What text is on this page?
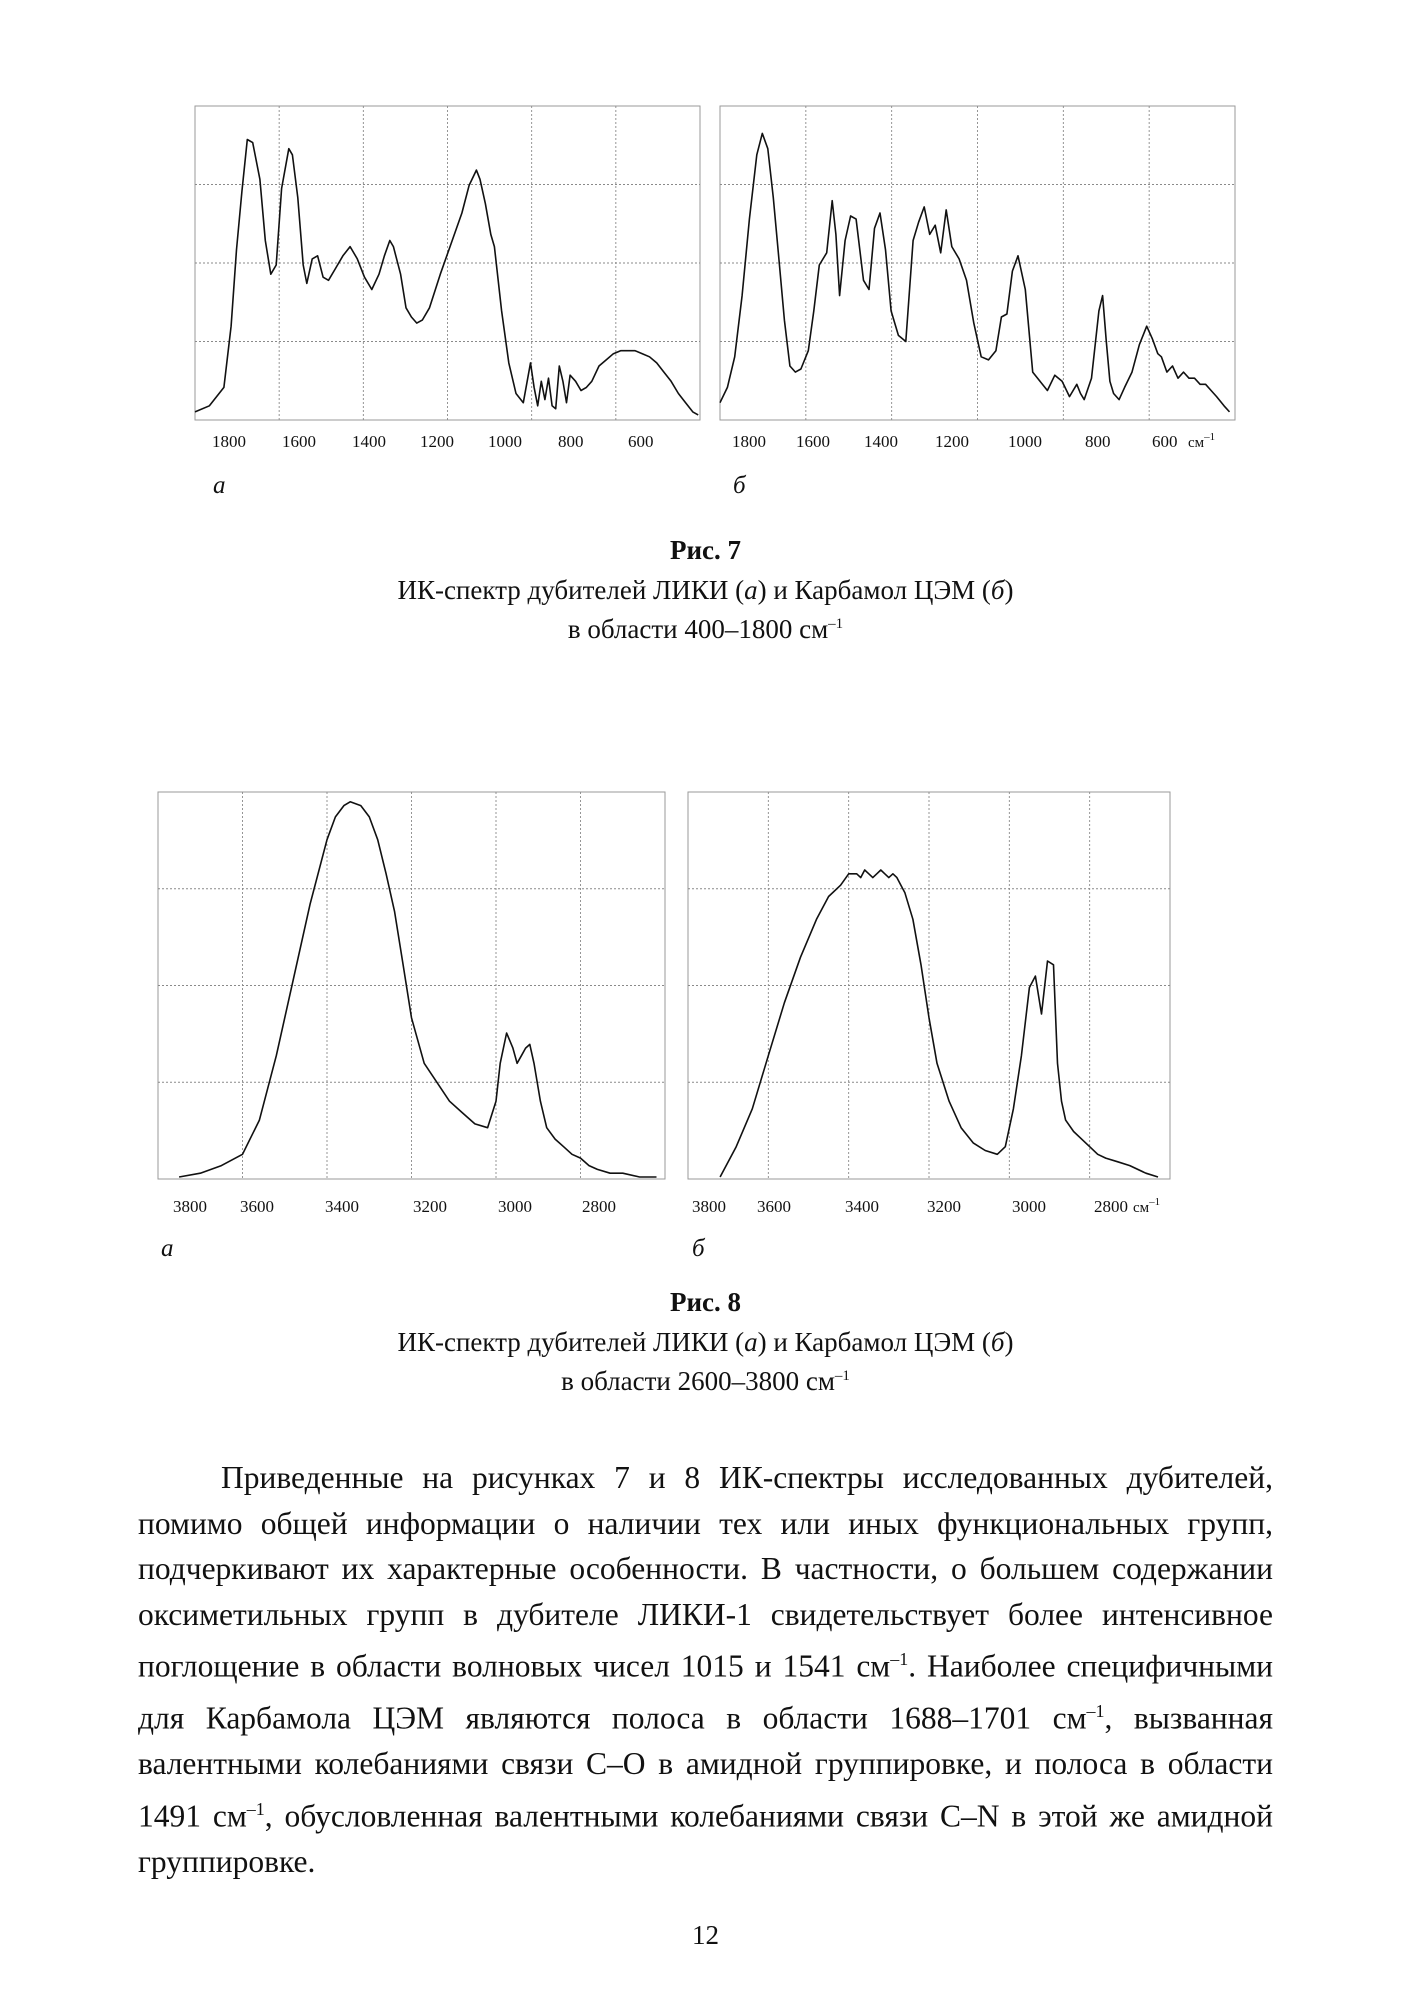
1800 1600 1400 1200 1000 800	600
а
1800 1600 1400 1200 1000	800 600 $см^{-1}$
б
Рис. 7
ИК-спектр дубителей ЛИКИ (а) и Карбамол ЦЭМ (б)
в области 400–1800 $см^{-1}$
3800 3600	3400	3200	3000	2800
а
3800 3600	3400	3200	3000	2800 $см^{-1}$
б
Рис. 8
ИК-спектр дубителей ЛИКИ (а) и Карбамол ЦЭМ (б)
в области 2600–3800 $см^{-1}$

Приведенные на рисунках 7 и 8 ИК-спектры исследованных дубителей, помимо общей информации о наличии тех или иных функциональных групп, подчеркивают их характерные особенности. В частности, о большем содержании оксиметильных групп в дубителе ЛИКИ-1 свидетельствует более интенсивное поглощение в области волновых чисел 1015 и 1541 $см^{-1}$. Наиболее специфичными для Карбамола ЦЭМ являются полоса в области 1688–1701 $см^{-1}$, вызванная валентными колебаниями связи С–О в амидной группировке, и полоса в области 1491 $см^{-1}$, обусловленная валентными колебаниями связи С–N в этой же амидной группировке.

12
